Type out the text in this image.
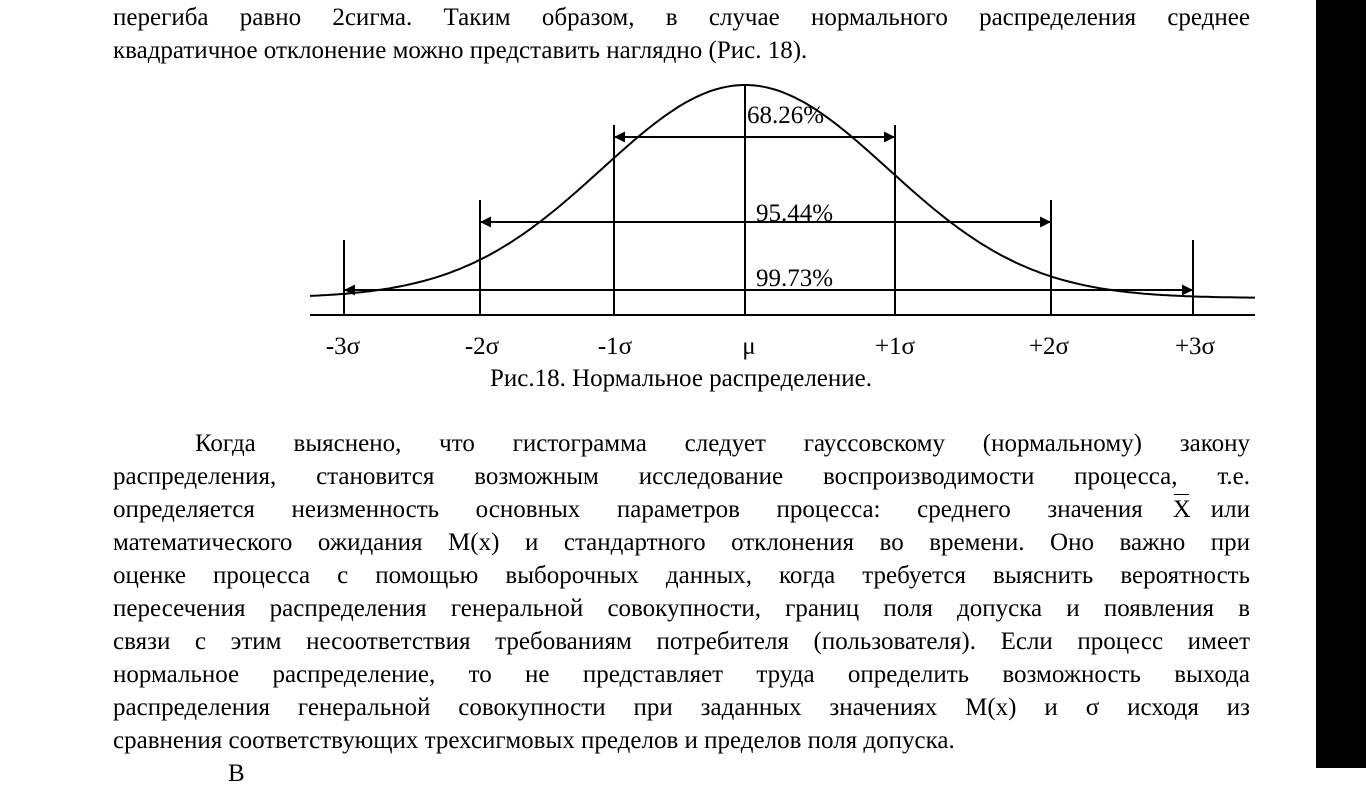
перегиба равно 2сигма. Таким образом, в случае нормального распределения среднее
квадратичное отклонение можно представить наглядно (Рис. 18).
68.26%
95.44%
99.73%
-3σ	-2σ	-1σ	μ	+1σ	+2σ	+3σ
Рис.18. Нормальное распределение.
Когда выяснено, что гистограмма следует гауссовскому (нормальному) закону
распределения, становится возможным исследование воспроизводимости процесса, т.е.
определяется неизменность основных параметров процесса: среднего значения	X или
математического ожидания М(х) и стандартного отклонения во времени. Оно важно при
оценке процесса с помощью выборочных данных, когда требуется выяснить вероятность
пересечения распределения генеральной совокупности, границ поля допуска и появления в
связи с этим несоответствия требованиям потребителя (пользователя). Если процесс имеет
нормальное распределение, то не представляет труда определить возможность выхода
распределения генеральной совокупности при заданных значениях М(х) и σ исходя из
сравнения соответствующих трехсигмовых пределов и пределов поля допуска.
В
